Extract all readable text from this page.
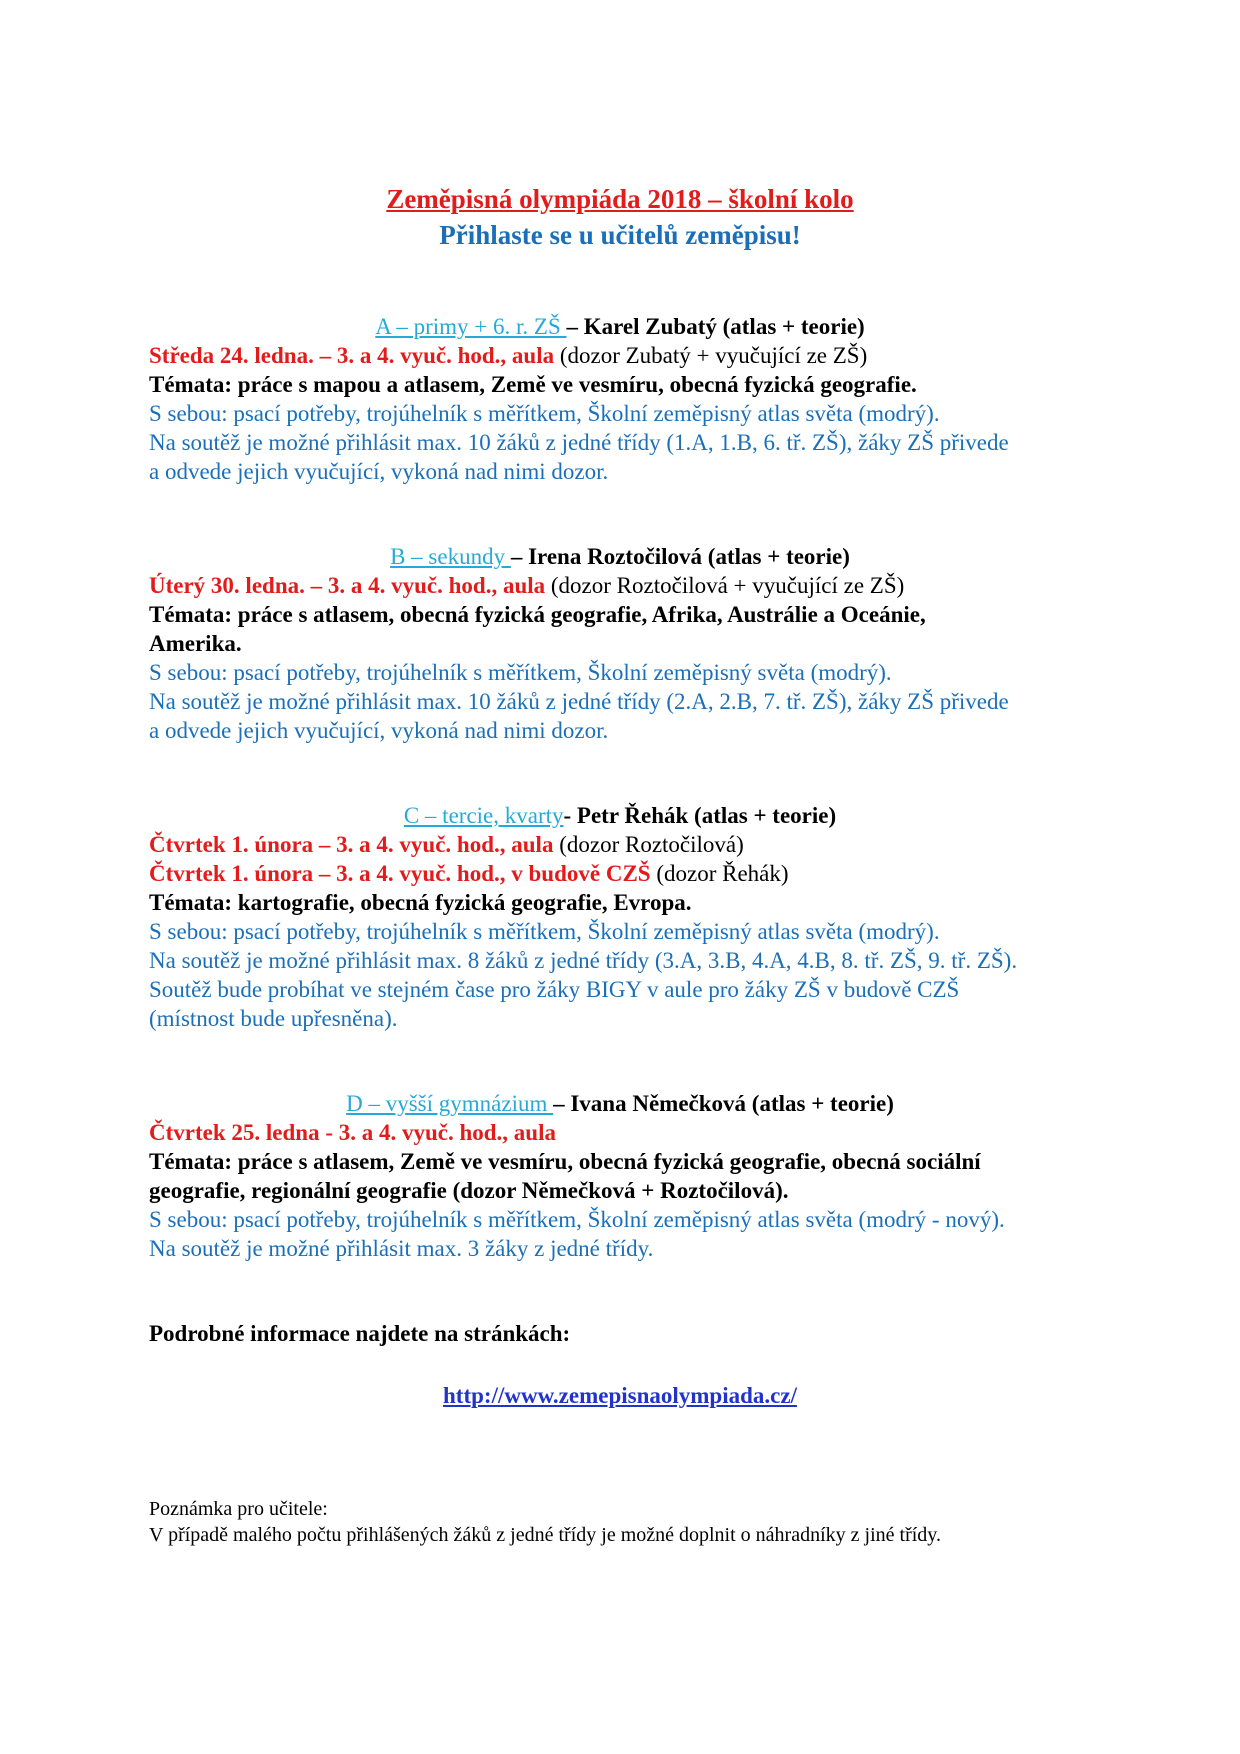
Zeměpisná olympiáda 2018 – školní kolo
Přihlaste se u učitelů zeměpisu!
A – primy + 6. r. ZŠ – Karel Zubatý (atlas + teorie)
Středa 24. ledna. – 3. a 4. vyuč. hod., aula (dozor Zubatý + vyučující ze ZŠ)
Témata: práce s mapou a atlasem, Země ve vesmíru, obecná fyzická geografie.
S sebou: psací potřeby, trojúhelník s měřítkem, Školní zeměpisný atlas světa (modrý).
Na soutěž je možné přihlásit max. 10 žáků z jedné třídy (1.A, 1.B, 6. tř. ZŠ), žáky ZŠ přivede
a odvede jejich vyučující, vykoná nad nimi dozor.
B – sekundy – Irena Roztočilová (atlas + teorie)
Úterý 30. ledna. – 3. a 4. vyuč. hod., aula (dozor Roztočilová + vyučující ze ZŠ)
Témata: práce s atlasem, obecná fyzická geografie, Afrika, Austrálie a Oceánie,
Amerika.
S sebou: psací potřeby, trojúhelník s měřítkem, Školní zeměpisný světa (modrý).
Na soutěž je možné přihlásit max. 10 žáků z jedné třídy (2.A, 2.B, 7. tř. ZŠ), žáky ZŠ přivede
a odvede jejich vyučující, vykoná nad nimi dozor.
C – tercie, kvarty- Petr Řehák (atlas + teorie)
Čtvrtek 1. února – 3. a 4. vyuč. hod., aula (dozor Roztočilová)
Čtvrtek 1. února – 3. a 4. vyuč. hod., v budově CZŠ (dozor Řehák)
Témata: kartografie, obecná fyzická geografie, Evropa.
S sebou: psací potřeby, trojúhelník s měřítkem, Školní zeměpisný atlas světa (modrý).
Na soutěž je možné přihlásit max. 8 žáků z jedné třídy (3.A, 3.B, 4.A, 4.B, 8. tř. ZŠ, 9. tř. ZŠ).
Soutěž bude probíhat ve stejném čase pro žáky BIGY v aule pro žáky ZŠ v budově CZŠ
(místnost bude upřesněna).
D – vyšší gymnázium – Ivana Němečková (atlas + teorie)
Čtvrtek 25. ledna - 3. a 4. vyuč. hod., aula
Témata: práce s atlasem, Země ve vesmíru, obecná fyzická geografie, obecná sociální
geografie, regionální geografie (dozor Němečková + Roztočilová).
S sebou: psací potřeby, trojúhelník s měřítkem, Školní zeměpisný atlas světa (modrý - nový).
Na soutěž je možné přihlásit max. 3 žáky z jedné třídy.
Podrobné informace najdete na stránkách:
http://www.zemepisnaolympiada.cz/
Poznámka pro učitele:
V případě malého počtu přihlášených žáků z jedné třídy je možné doplnit o náhradníky z jiné třídy.
